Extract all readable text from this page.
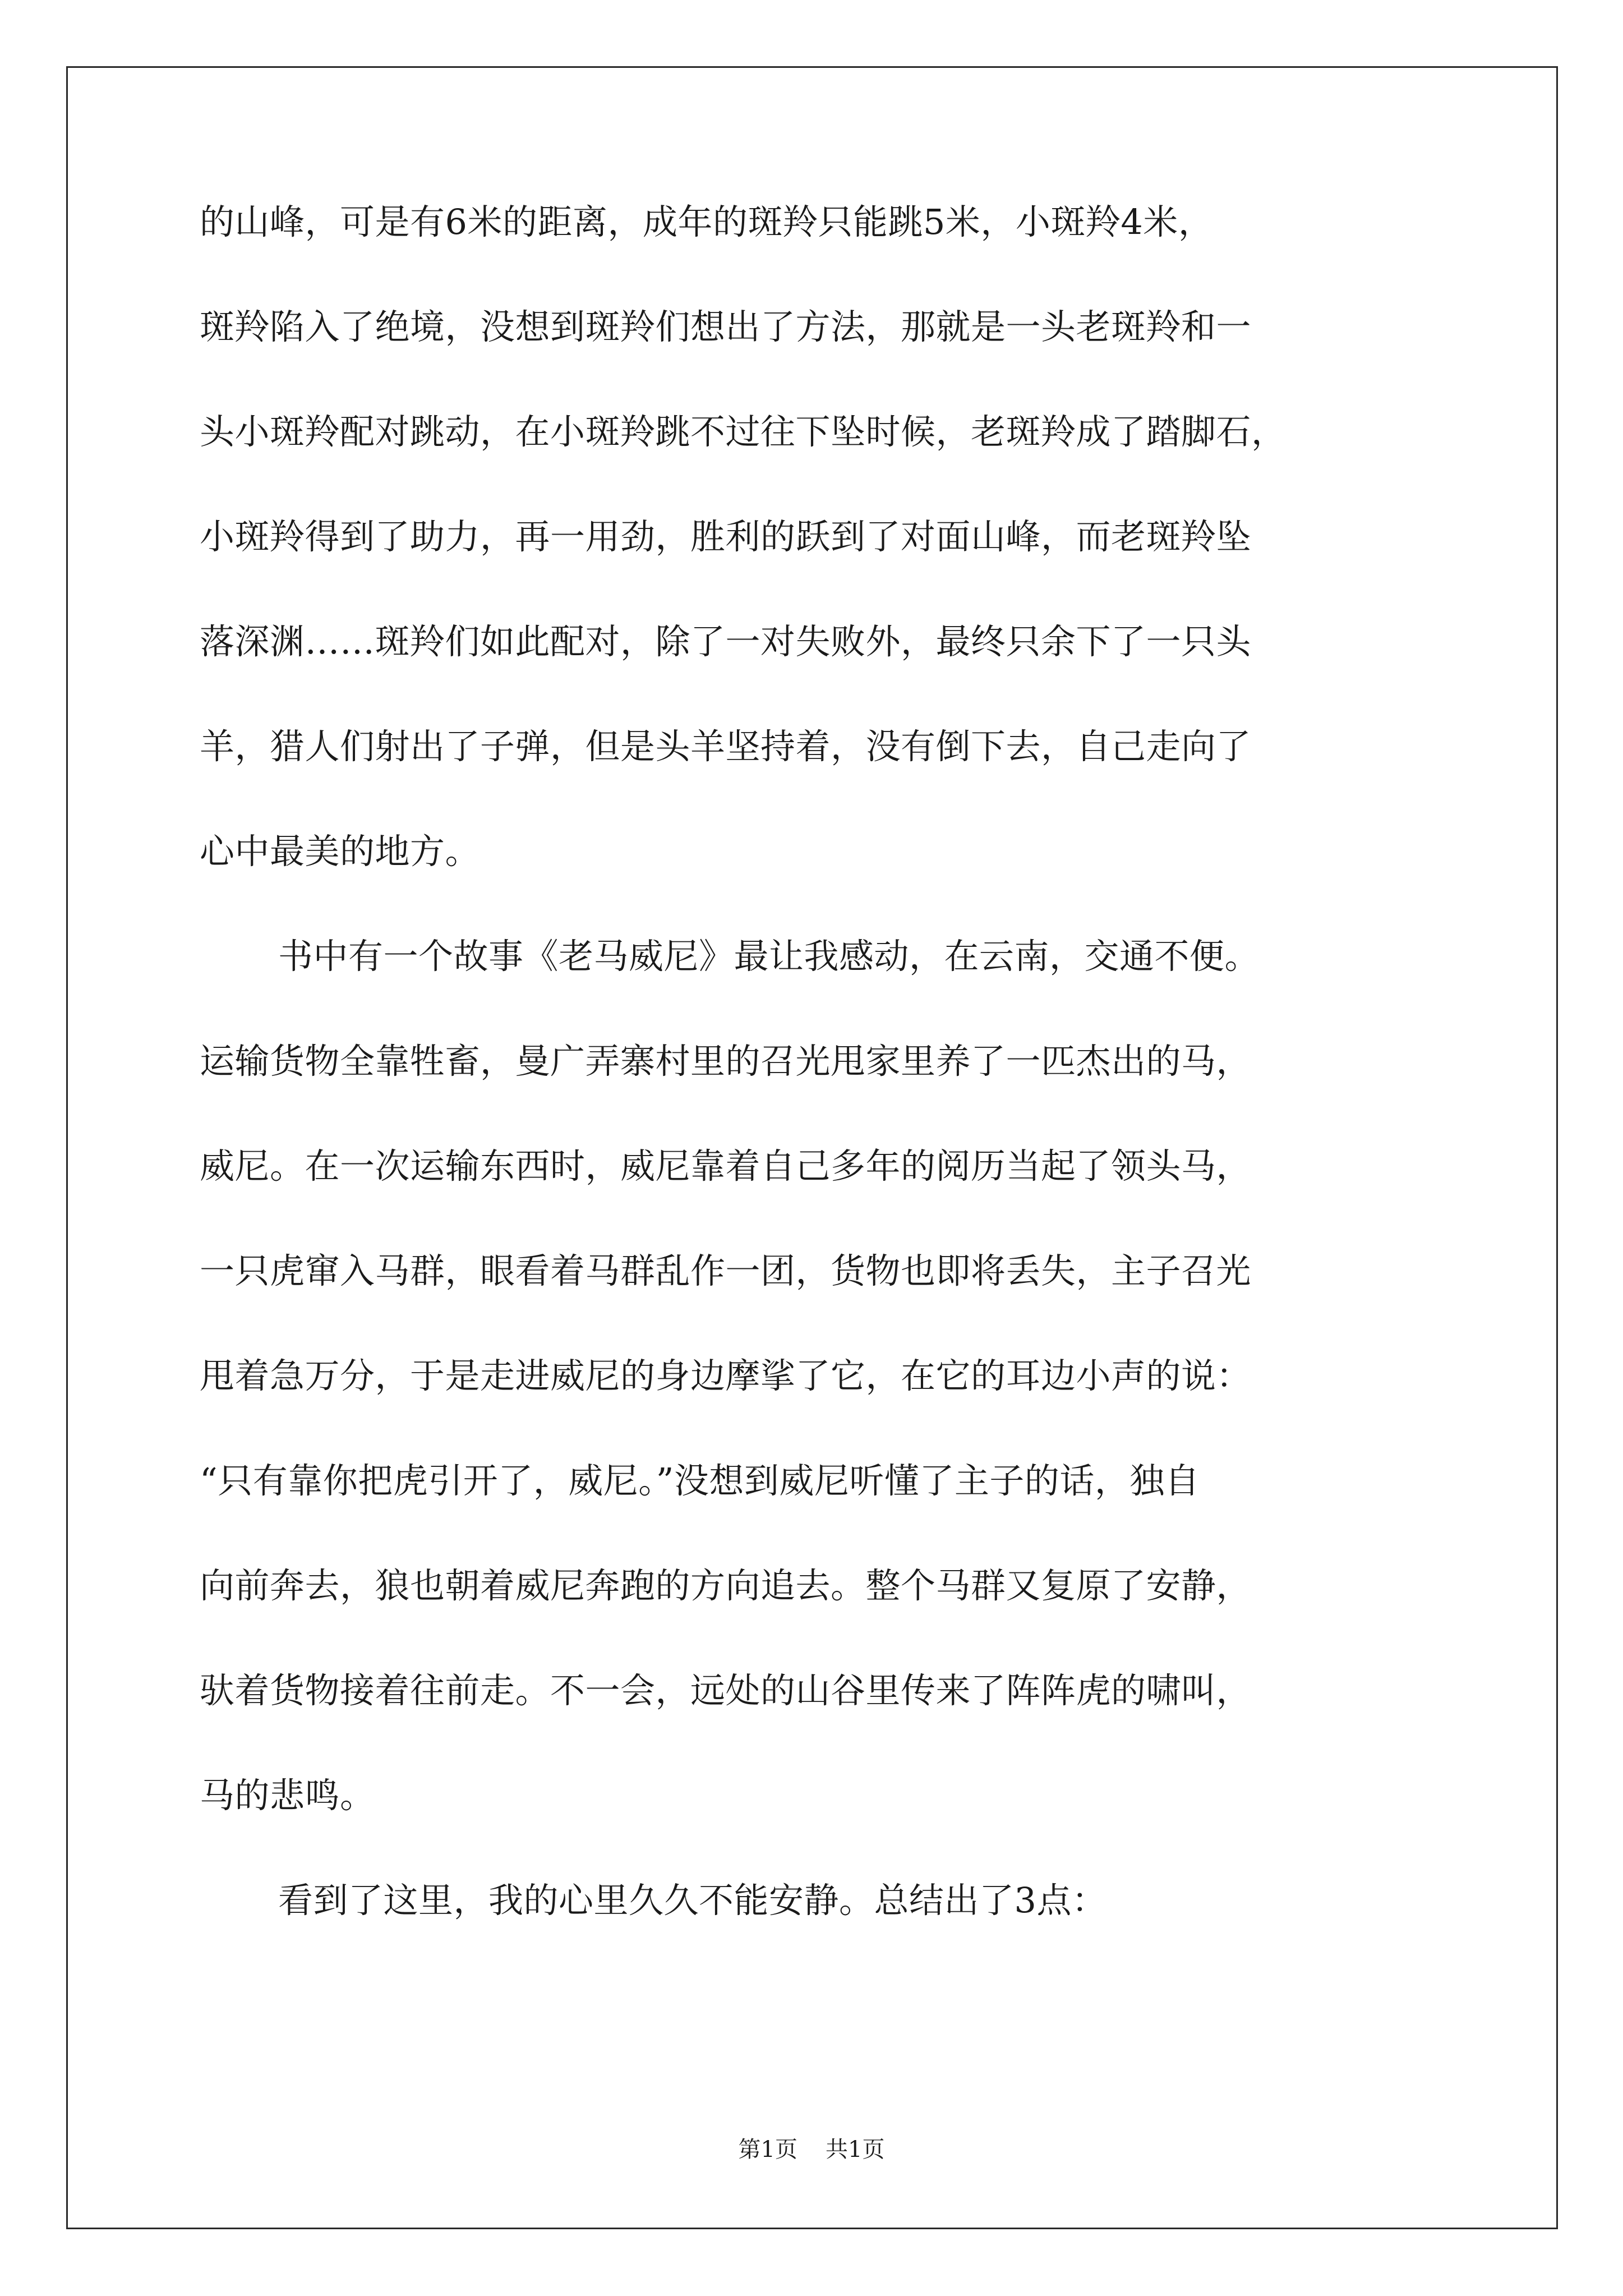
的山峰，可是有6米的距离，成年的斑羚只能跳5米，小斑羚4米，
斑羚陷入了绝境，没想到斑羚们想出了方法，那就是一头老斑羚和一
头小斑羚配对跳动，在小斑羚跳不过往下坠时候，老斑羚成了踏脚石，
小斑羚得到了助力，再一用劲，胜利的跃到了对面山峰，而老斑羚坠
落深渊……斑羚们如此配对，除了一对失败外，最终只余下了一只头
羊，猎人们射出了子弹，但是头羊坚持着，没有倒下去，自己走向了
心中最美的地方。
书中有一个故事《老马威尼》最让我感动，在云南，交通不便。
运输货物全靠牲畜，曼广弄寨村里的召光甩家里养了一匹杰出的马，
威尼。在一次运输东西时，威尼靠着自己多年的阅历当起了领头马，
一只虎窜入马群，眼看着马群乱作一团，货物也即将丢失，主子召光
甩着急万分，于是走进威尼的身边摩挲了它，在它的耳边小声的说：
“只有靠你把虎引开了，威尼。”没想到威尼听懂了主子的话，独自
向前奔去，狼也朝着威尼奔跑的方向追去。整个马群又复原了安静，
驮着货物接着往前走。不一会，远处的山谷里传来了阵阵虎的啸叫，
马的悲鸣。
看到了这里，我的心里久久不能安静。总结出了3点：
第1页 共1页
